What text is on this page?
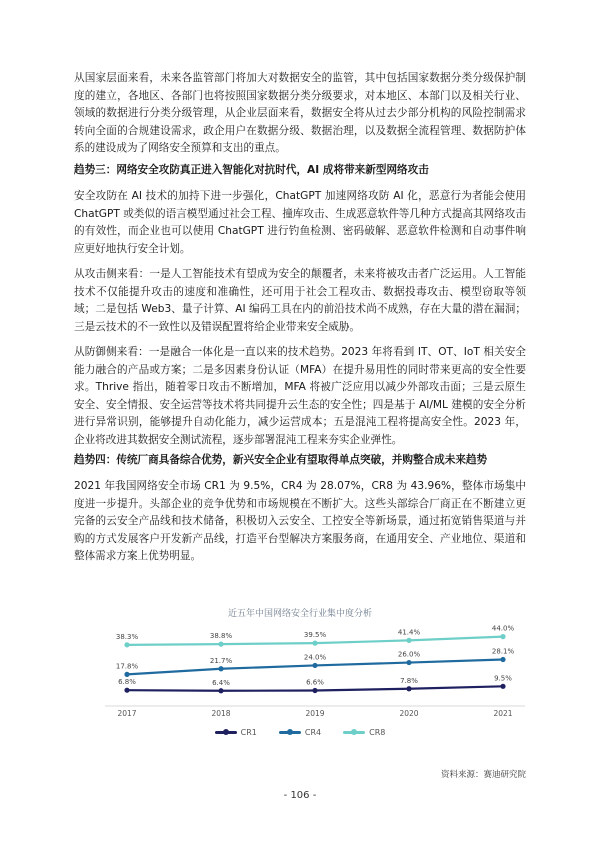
从国家层面来看，未来各监管部门将加大对数据安全的监管，其中包括国家数据分类分级保护制度的建立，各地区、各部门也将按照国家数据分类分级要求，对本地区、本部门以及相关行业、领域的数据进行分类分级管理，从企业层面来看，数据安全将从过去少部分机构的风险控制需求转向全面的合规建设需求，政企用户在数据分级、数据治理，以及数据全流程管理、数据防护体系的建设成为了网络安全预算和支出的重点。

趋势三：网络安全攻防真正进入智能化对抗时代，AI 成将带来新型网络攻击

安全攻防在 AI 技术的加持下进一步强化，ChatGPT 加速网络攻防 AI 化，恶意行为者能会使用 ChatGPT 或类似的语言模型通过社会工程、撞库攻击、生成恶意软件等几种方式提高其网络攻击的有效性，而企业也可以使用 ChatGPT 进行钓鱼检测、密码破解、恶意软件检测和自动事件响应更好地执行安全计划。

从攻击侧来看：一是人工智能技术有望成为安全的颠覆者，未来将被攻击者广泛运用。人工智能技术不仅能提升攻击的速度和准确性，还可用于社会工程攻击、数据投毒攻击、模型窃取等领域；二是包括 Web3、量子计算、AI 编码工具在内的前沿技术尚不成熟，存在大量的潜在漏洞；三是云技术的不一致性以及错误配置将给企业带来安全威胁。

从防御侧来看：一是融合一体化是一直以来的技术趋势。2023 年将看到 IT、OT、IoT 相关安全能力融合的产品或方案；二是多因素身份认证（MFA）在提升易用性的同时带来更高的安全性要求。Thrive 指出，随着零日攻击不断增加，MFA 将被广泛应用以减少外部攻击面；三是云原生安全、安全情报、安全运营等技术将共同提升云生态的安全性；四是基于 AI/ML 建模的安全分析进行异常识别，能够提升自动化能力，减少运营成本；五是混沌工程将提高安全性。2023 年，企业将改进其数据安全测试流程，逐步部署混沌工程来夯实企业弹性。

趋势四：传统厂商具备综合优势，新兴安全企业有望取得单点突破，并购整合成未来趋势

2021 年我国网络安全市场 CR1 为 9.5%，CR4 为 28.07%，CR8 为 43.96%，整体市场集中度进一步提升。头部企业的竞争优势和市场规模在不断扩大。这些头部综合厂商正在不断建立更完备的云安全产品线和技术储备，积极切入云安全、工控安全等新场景，通过拓宽销售渠道与并购的方式发展客户开发新产品线，打造平台型解决方案服务商，在通用安全、产业地位、渠道和整体需求方案上优势明显。

近五年中国网络安全行业集中度分析
2017	2018	2019	2020	2021
6.8%	6.4%	6.6%	7.8%	9.5%
17.8%
21.7%	24.0%	26.0%	28.1%
38.3%	38.8%	39.5%	41.4%	44.0%
CR1	CR4	CR8
资料来源：赛迪研究院
- 106 -
